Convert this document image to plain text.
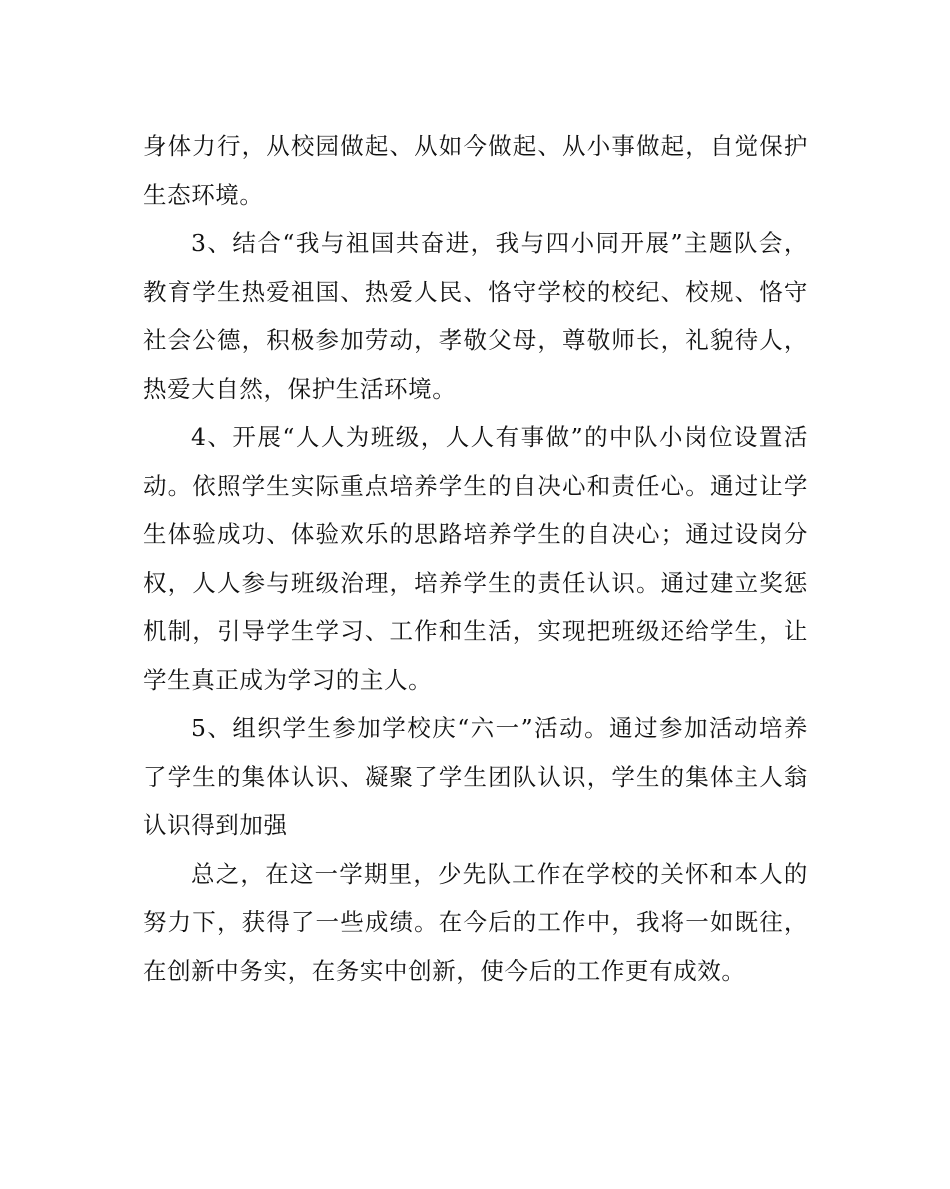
身体力行，从校园做起、从如今做起、从小事做起，自觉保护生态环境。

3、结合“我与祖国共奋进，我与四小同开展”主题队会，教育学生热爱祖国、热爱人民、恪守学校的校纪、校规、恪守社会公德，积极参加劳动，孝敬父母，尊敬师长，礼貌待人，热爱大自然，保护生活环境。

4、开展“人人为班级，人人有事做”的中队小岗位设置活动。依照学生实际重点培养学生的自决心和责任心。通过让学生体验成功、体验欢乐的思路培养学生的自决心；通过设岗分权，人人参与班级治理，培养学生的责任认识。通过建立奖惩机制，引导学生学习、工作和生活，实现把班级还给学生，让学生真正成为学习的主人。

5、组织学生参加学校庆“六一”活动。通过参加活动培养了学生的集体认识、凝聚了学生团队认识，学生的集体主人翁认识得到加强

总之，在这一学期里，少先队工作在学校的关怀和本人的努力下，获得了一些成绩。在今后的工作中，我将一如既往，在创新中务实，在务实中创新，使今后的工作更有成效。
